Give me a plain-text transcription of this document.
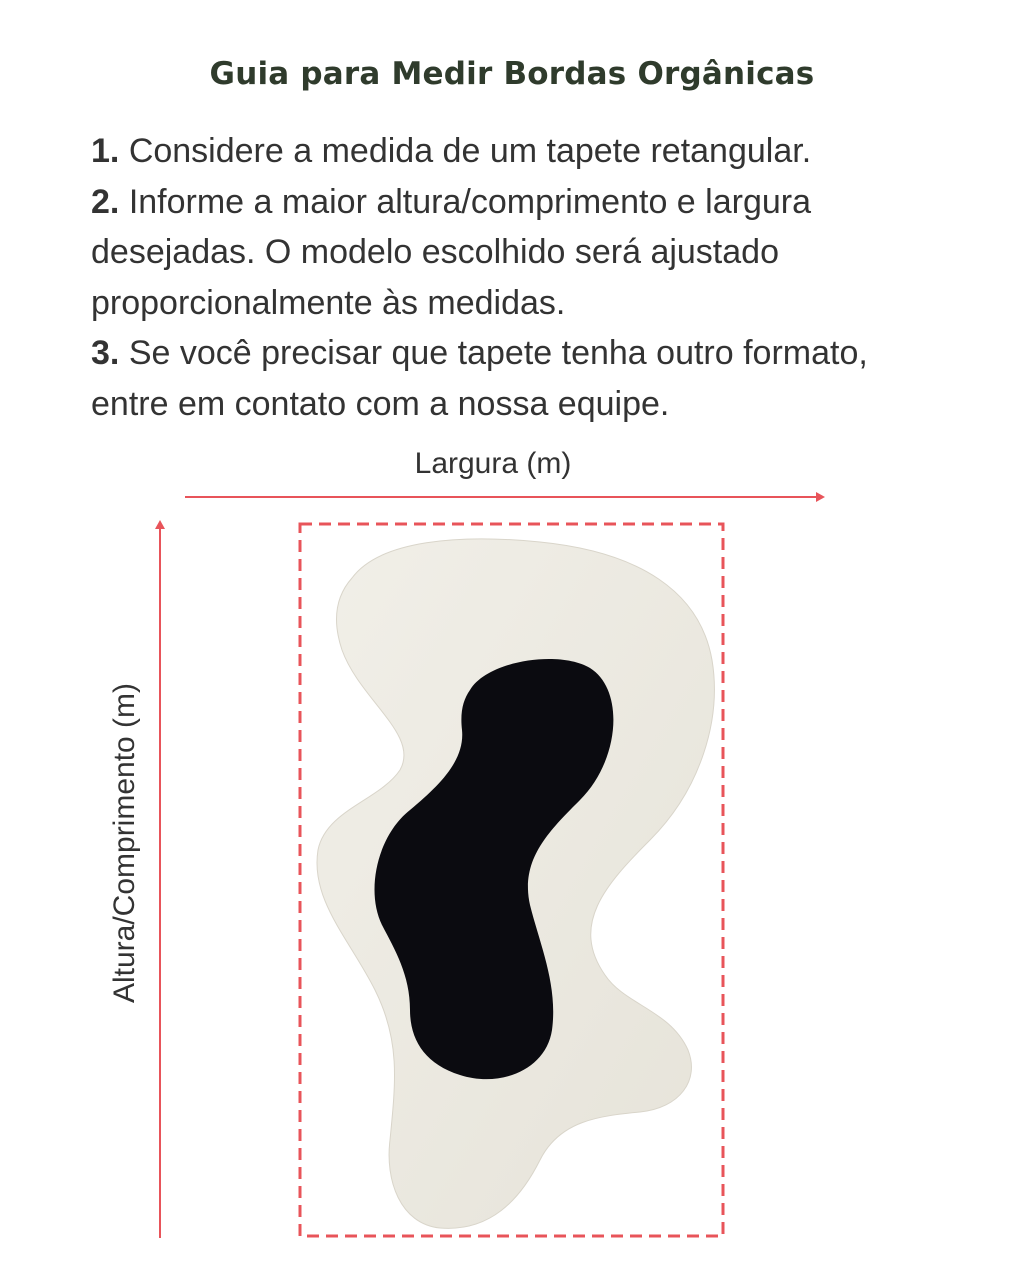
Guia para Medir Bordas Orgânicas

1. Considere a medida de um tapete retangular.

2. Informe a maior altura/comprimento e largura desejadas. O modelo escolhido será ajustado proporcionalmente às medidas.

3. Se você precisar que tapete tenha outro formato, entre em contato com a nossa equipe.

Largura (m)
Altura/Comprimento (m)
